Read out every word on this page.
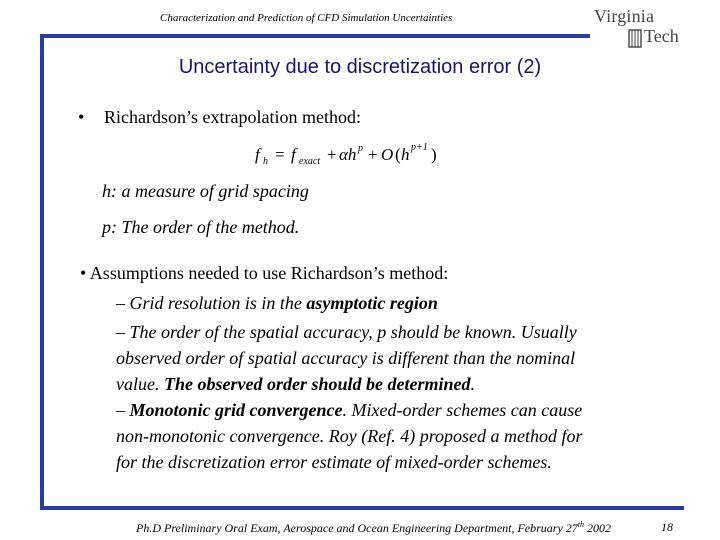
Characterization and Prediction of CFD Simulation Uncertainties	Virginia
Tech
Uncertainty due to discretization error (2)
• Richardson’s extrapolation method:
f h = f exact + αh p + O ( h p+1 )
h: a measure of grid spacing
p: The order of the method.
• Assumptions needed to use Richardson’s method:
– Grid resolution is in the asymptotic region
– The order of the spatial accuracy, p should be known. Usually
observed order of spatial accuracy is different than the nominal
value. The observed order should be determined.
– Monotonic grid convergence. Mixed-order schemes can cause
non-monotonic convergence. Roy (Ref. 4) proposed a method for
for the discretization error estimate of mixed-order schemes.
Ph.D Preliminary Oral Exam, Aerospace and Ocean Engineering Department, February 27th 2002	18
